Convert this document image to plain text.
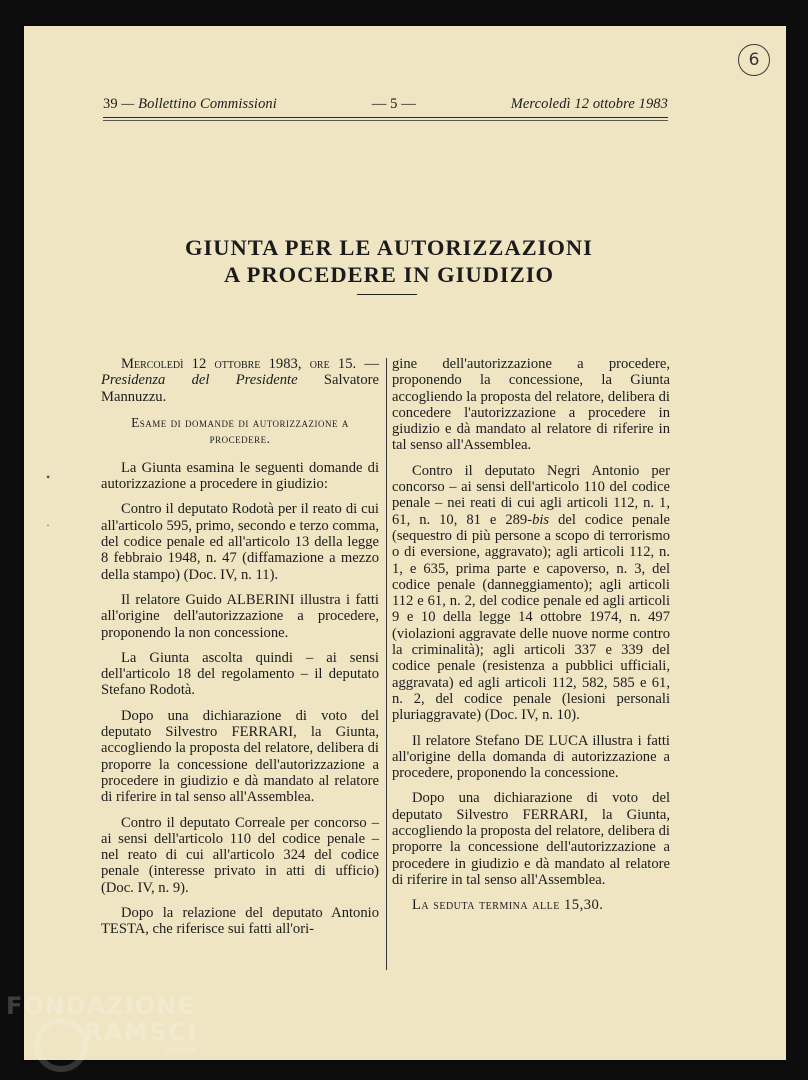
6
39 — Bollettino Commissioni	— 5 —	Mercoledì 12 ottobre 1983
GIUNTA PER LE AUTORIZZAZIONI
A PROCEDERE IN GIUDIZIO

Mercoledì 12 ottobre 1983, ore 15. — Presidenza del Presidente Salvatore Mannuzzu.

Esame di domande di autorizzazione a procedere.

La Giunta esamina le seguenti domande di autorizzazione a procedere in giudizio:

Contro il deputato Rodotà per il reato di cui all'articolo 595, primo, secondo e terzo comma, del codice penale ed all'articolo 13 della legge 8 febbraio 1948, n. 47 (diffamazione a mezzo della stampo) (Doc. IV, n. 11).

Il relatore Guido ALBERINI illustra i fatti all'origine dell'autorizzazione a procedere, proponendo la non concessione.

La Giunta ascolta quindi – ai sensi dell'articolo 18 del regolamento – il deputato Stefano Rodotà.

Dopo una dichiarazione di voto del deputato Silvestro FERRARI, la Giunta, accogliendo la proposta del relatore, delibera di proporre la concessione dell'autorizzazione a procedere in giudizio e dà mandato al relatore di riferire in tal senso all'Assemblea.

Contro il deputato Correale per concorso – ai sensi dell'articolo 110 del codice penale – nel reato di cui all'articolo 324 del codice penale (interesse privato in atti di ufficio) (Doc. IV, n. 9).

Dopo la relazione del deputato Antonio TESTA, che riferisce sui fatti all'ori-

gine dell'autorizzazione a procedere, proponendo la concessione, la Giunta accogliendo la proposta del relatore, delibera di concedere l'autorizzazione a procedere in giudizio e dà mandato al relatore di riferire in tal senso all'Assemblea.

Contro il deputato Negri Antonio per concorso – ai sensi dell'articolo 110 del codice penale – nei reati di cui agli articoli 112, n. 1, 61, n. 10, 81 e 289-bis del codice penale (sequestro di più persone a scopo di terrorismo o di eversione, aggravato); agli articoli 112, n. 1, e 635, prima parte e capoverso, n. 3, del codice penale (danneggiamento); agli articoli 112 e 61, n. 2, del codice penale ed agli articoli 9 e 10 della legge 14 ottobre 1974, n. 497 (violazioni aggravate delle nuove norme contro la criminalità); agli articoli 337 e 339 del codice penale (resistenza a pubblici ufficiali, aggravata) ed agli articoli 112, 582, 585 e 61, n. 2, del codice penale (lesioni personali pluriaggravate) (Doc. IV, n. 10).

Il relatore Stefano DE LUCA illustra i fatti all'origine della domanda di autorizzazione a procedere, proponendo la concessione.

Dopo una dichiarazione di voto del deputato Silvestro FERRARI, la Giunta, accogliendo la proposta del relatore, delibera di proporre la concessione dell'autorizzazione a procedere in giudizio e dà mandato al relatore di riferire in tal senso all'Assemblea.

La seduta termina alle 15,30.

•
·
FONDAZIONE
RAMSCI
onlus
